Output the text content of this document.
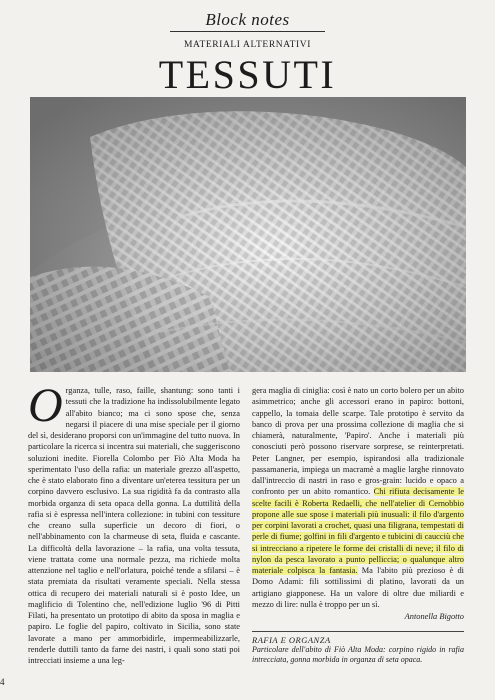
Block notes
MATERIALI ALTERNATIVI
TESSUTI

Organza, tulle, raso, faille, shantung: sono tanti i tessuti che la tradizione ha indissolubilmente legato all'abito bianco; ma ci sono spose che, senza negarsi il piacere di una mise speciale per il giorno del sì, desiderano proporsi con un'immagine del tutto nuova. In particolare la ricerca si incentra sui materiali, che suggeriscono soluzioni inedite. Fiorella Colombo per Fiò Alta Moda ha sperimentato l'uso della rafia: un materiale grezzo all'aspetto, che è stato elaborato fino a diventare un'eterea tessitura per un corpino davvero esclusivo. La sua rigidità fa da contrasto alla morbida organza di seta opaca della gonna. La duttilità della rafia si è espressa nell'intera collezione: in tubini con tessiture che creano sulla superficie un decoro di fiori, o nell'abbinamento con la charmeuse di seta, fluida e cascante. La difficoltà della lavorazione – la rafia, una volta tessuta, viene trattata come una normale pezza, ma richiede molta attenzione nel taglio e nell'orlatura, poiché tende a sfilarsi – è stata premiata da risultati veramente speciali. Nella stessa ottica di recupero dei materiali naturali si è posto Idee, un maglificio di Tolentino che, nell'edizione luglio '96 di Pitti Filati, ha presentato un prototipo di abito da sposa in maglia e papiro. Le foglie del papiro, coltivato in Sicilia, sono state lavorate a mano per ammorbidirle, impermeabilizzarle, renderle duttili tanto da farne dei nastri, i quali sono stati poi intrecciati insieme a una leg-

gera maglia di ciniglia: così è nato un corto bolero per un abito asimmetrico; anche gli accessori erano in papiro: bottoni, cappello, la tomaia delle scarpe. Tale prototipo è servito da banco di prova per una prossima collezione di maglia che si chiamerà, naturalmente, 'Papiro'. Anche i materiali più conosciuti però possono riservare sorprese, se reinterpretati. Peter Langner, per esempio, ispirandosi alla tradizionale passamaneria, impiega un macramè a maglie larghe rinnovato dall'intreccio di nastri in raso e gros-grain: lucido e opaco a confronto per un abito romantico. Chi rifiuta decisamente le scelte facili è Roberta Redaelli, che nell'atelier di Cernobbio propone alle sue spose i materiali più inusuali: il filo d'argento per corpini lavorati a crochet, quasi una filigrana, tempestati di perle di fiume; golfini in fili d'argento e tubicini di caucciù che si intrecciano a ripetere le forme dei cristalli di neve; il filo di nylon da pesca lavorato a punto pelliccia; o qualunque altro materiale colpisca la fantasia. Ma l'abito più prezioso è di Domo Adami: fili sottilissimi di platino, lavorati da un artigiano giapponese. Ha un valore di oltre due miliardi e mezzo di lire: nulla è troppo per un sì.

Antonella Bigotto
RAFIA E ORGANZA
Particolare dell'abito di Fiò Alta Moda: corpino rigido in rafia intrecciata, gonna morbida in organza di seta opaca.
4
